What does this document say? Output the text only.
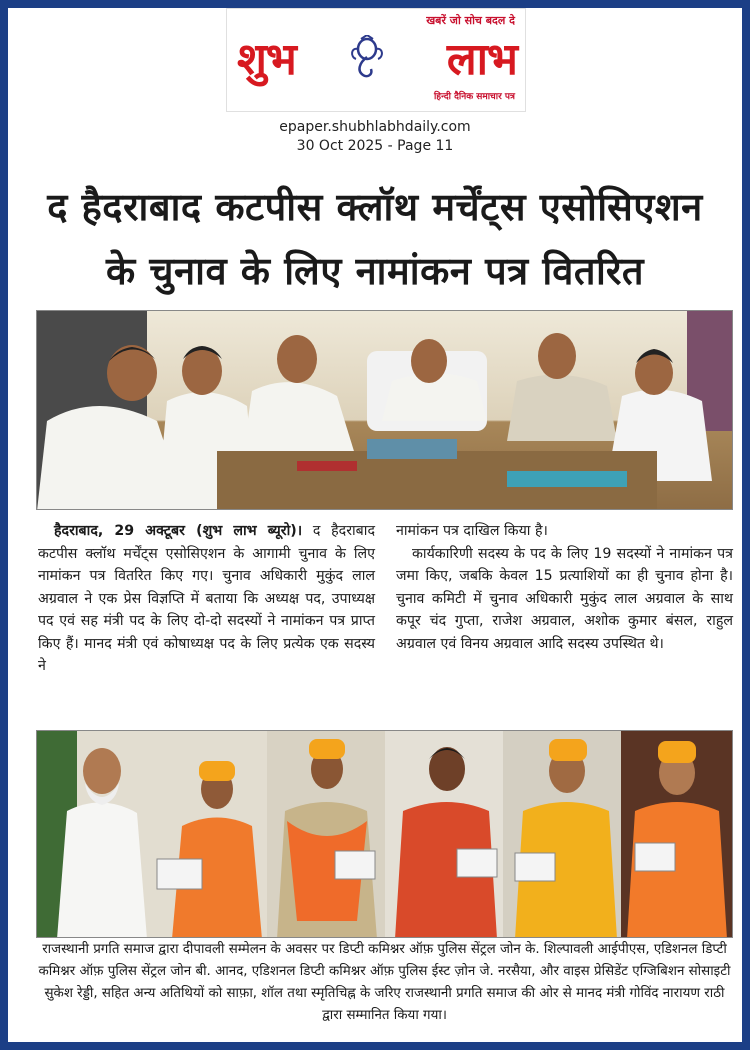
खबरें जो सोच बदल दे
शुभ	लाभ
हिन्दी दैनिक समाचार पत्र
epaper.shubhlabhdaily.com
30 Oct 2025 - Page 11
द हैदराबाद कटपीस क्लॉथ मर्चेंट्स एसोसिएशन
के चुनाव के लिए नामांकन पत्र वितरित

हैदराबाद, 29 अक्टूबर (शुभ लाभ ब्यूरो)। द हैदराबाद कटपीस क्लॉथ मर्चेंट्स एसोसिएशन के आगामी चुनाव के लिए नामांकन पत्र वितरित किए गए। चुनाव अधिकारी मुकुंद लाल अग्रवाल ने एक प्रेस विज्ञप्ति में बताया कि अध्यक्ष पद, उपाध्यक्ष पद एवं सह मंत्री पद के लिए दो-दो सदस्यों ने नामांकन पत्र प्राप्त किए हैं। मानद मंत्री एवं कोषाध्यक्ष पद के लिए प्रत्येक एक सदस्य ने

नामांकन पत्र दाखिल किया है।

कार्यकारिणी सदस्य के पद के लिए 19 सदस्यों ने नामांकन पत्र जमा किए, जबकि केवल 15 प्रत्याशियों का ही चुनाव होना है। चुनाव कमिटी में चुनाव अधिकारी मुकुंद लाल अग्रवाल के साथ कपूर चंद गुप्ता, राजेश अग्रवाल, अशोक कुमार बंसल, राहुल अग्रवाल एवं विनय अग्रवाल आदि सदस्य उपस्थित थे।

राजस्थानी प्रगति समाज द्वारा दीपावली सम्मेलन के अवसर पर डिप्टी कमिश्नर ऑफ़ पुलिस सेंट्रल जोन के. शिल्पावली आईपीएस, एडिशनल डिप्टी कमिश्नर ऑफ़ पुलिस सेंट्रल जोन बी. आनद, एडिशनल डिप्टी कमिश्नर ऑफ़ पुलिस ईस्ट ज़ोन जे. नरसैया, और वाइस प्रेसिडेंट एग्जिबिशन सोसाइटी सुकेश रेड्डी, सहित अन्य अतिथियों को साफ़ा, शॉल तथा स्मृतिचिह्न के जरिए राजस्थानी प्रगति समाज की ओर से मानद मंत्री गोविंद नारायण राठी द्वारा सम्मानित किया गया।
